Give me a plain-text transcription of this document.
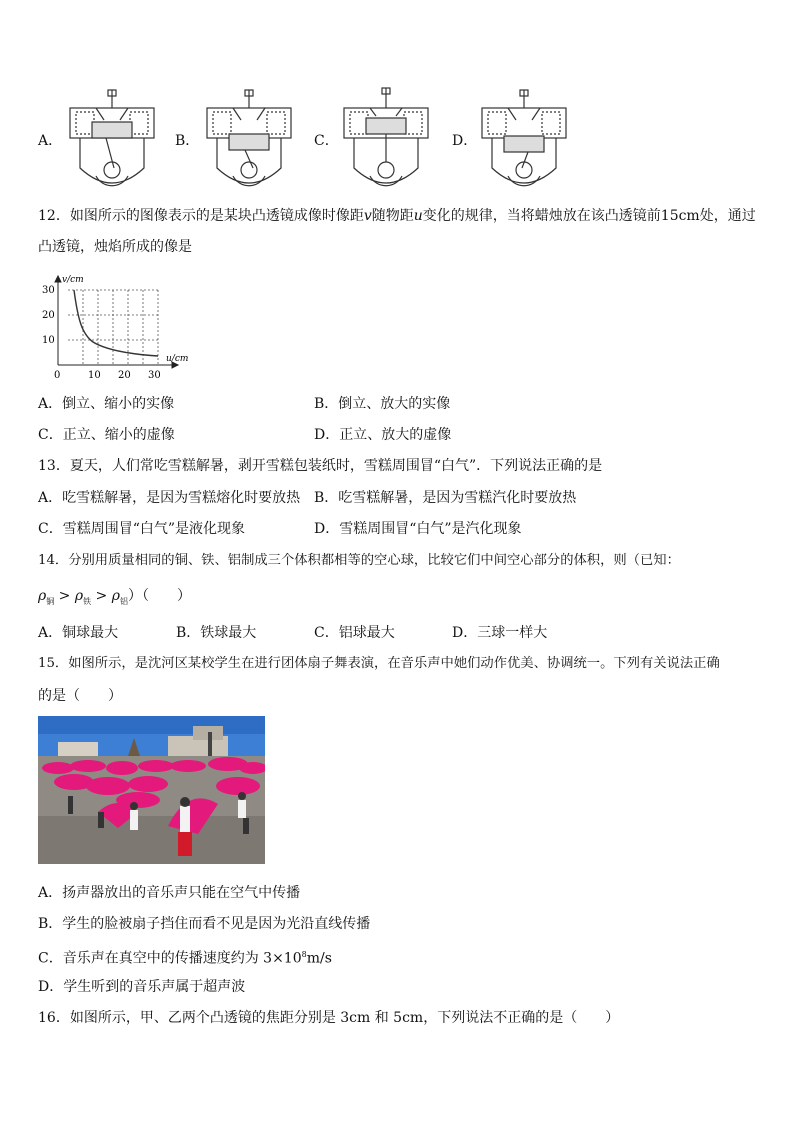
A．	B．	C．	D．
12．如图所示的图像表示的是某块凸透镜成像时像距v随物距u变化的规律，当将蜡烛放在该凸透镜前15cm处，通过
凸透镜，烛焰所成的像是
v/cm
u/cm
30
20
10
0	10 20 30
A．倒立、缩小的实像	B．倒立、放大的实像
C．正立、缩小的虚像	D．正立、放大的虚像
13．夏天，人们常吃雪糕解暑，剥开雪糕包装纸时，雪糕周围冒“白气”．下列说法正确的是
A．吃雪糕解暑，是因为雪糕熔化时要放热 B．吃雪糕解暑，是因为雪糕汽化时要放热
C．雪糕周围冒“白气”是液化现象	D．雪糕周围冒“白气”是汽化现象
14．分别用质量相同的铜、铁、铝制成三个体积都相等的空心球，比较它们中间空心部分的体积，则（已知：
$\rho_铜 > \rho_铁 > \rho_铝$）（　　）
A．铜球最大	B．铁球最大	C．铝球最大	D．三球一样大
15．如图所示，是沈河区某校学生在进行团体扇子舞表演，在音乐声中她们动作优美、协调统一。下列有关说法正确
的是（　　）
A．扬声器放出的音乐声只能在空气中传播
B．学生的脸被扇子挡住而看不见是因为光沿直线传播
C．音乐声在真空中的传播速度约为 $3\times 10^8m/s$
D．学生听到的音乐声属于超声波
16．如图所示，甲、乙两个凸透镜的焦距分别是 3cm 和 5cm，下列说法不正确的是（　　）
